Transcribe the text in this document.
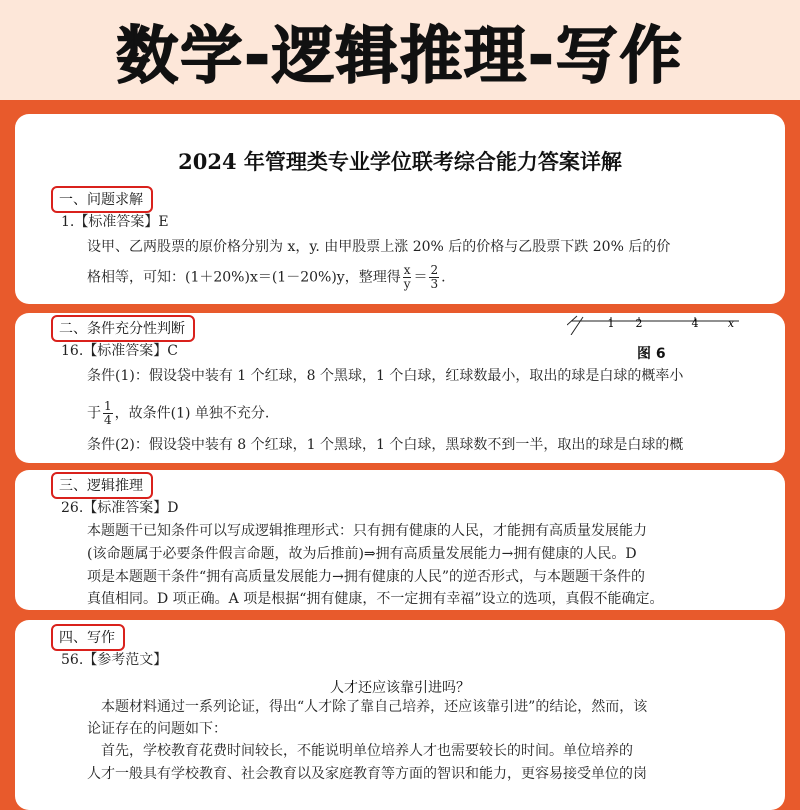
数学-逻辑推理-写作
2024 年管理类专业学位联考综合能力答案详解
一、问题求解
1.【标准答案】E
设甲、乙两股票的原价格分别为 x，y. 由甲股票上涨 20% 后的价格与乙股票下跌 20% 后的价
格相等，可知：(1＋20%)x＝(1－20%)y，整理得 $\frac{x}{y} = \frac{2}{3}$ .
1 2	4	x
图 6
二、条件充分性判断
16.【标准答案】C
条件(1)：假设袋中装有 1 个红球，8 个黑球，1 个白球，红球数最小，取出的球是白球的概率小
于 $\frac{1}{4}$ ，故条件(1) 单独不充分.
条件(2)：假设袋中装有 8 个红球，1 个黑球，1 个白球，黑球数不到一半，取出的球是白球的概
三、逻辑推理
26.【标准答案】D
本题题干已知条件可以写成逻辑推理形式：只有拥有健康的人民，才能拥有高质量发展能力
(该命题属于必要条件假言命题，故为后推前)⇒拥有高质量发展能力→拥有健康的人民。D
项是本题题干条件“拥有高质量发展能力→拥有健康的人民”的逆否形式，与本题题干条件的
真值相同。D 项正确。A 项是根据“拥有健康，不一定拥有幸福”设立的选项，真假不能确定。
四、写作
56.【参考范文】
人才还应该靠引进吗？
　本题材料通过一系列论证，得出“人才除了靠自己培养，还应该靠引进”的结论，然而，该
论证存在的问题如下：
　首先，学校教育花费时间较长，不能说明单位培养人才也需要较长的时间。单位培养的
人才一般具有学校教育、社会教育以及家庭教育等方面的智识和能力，更容易接受单位的岗
